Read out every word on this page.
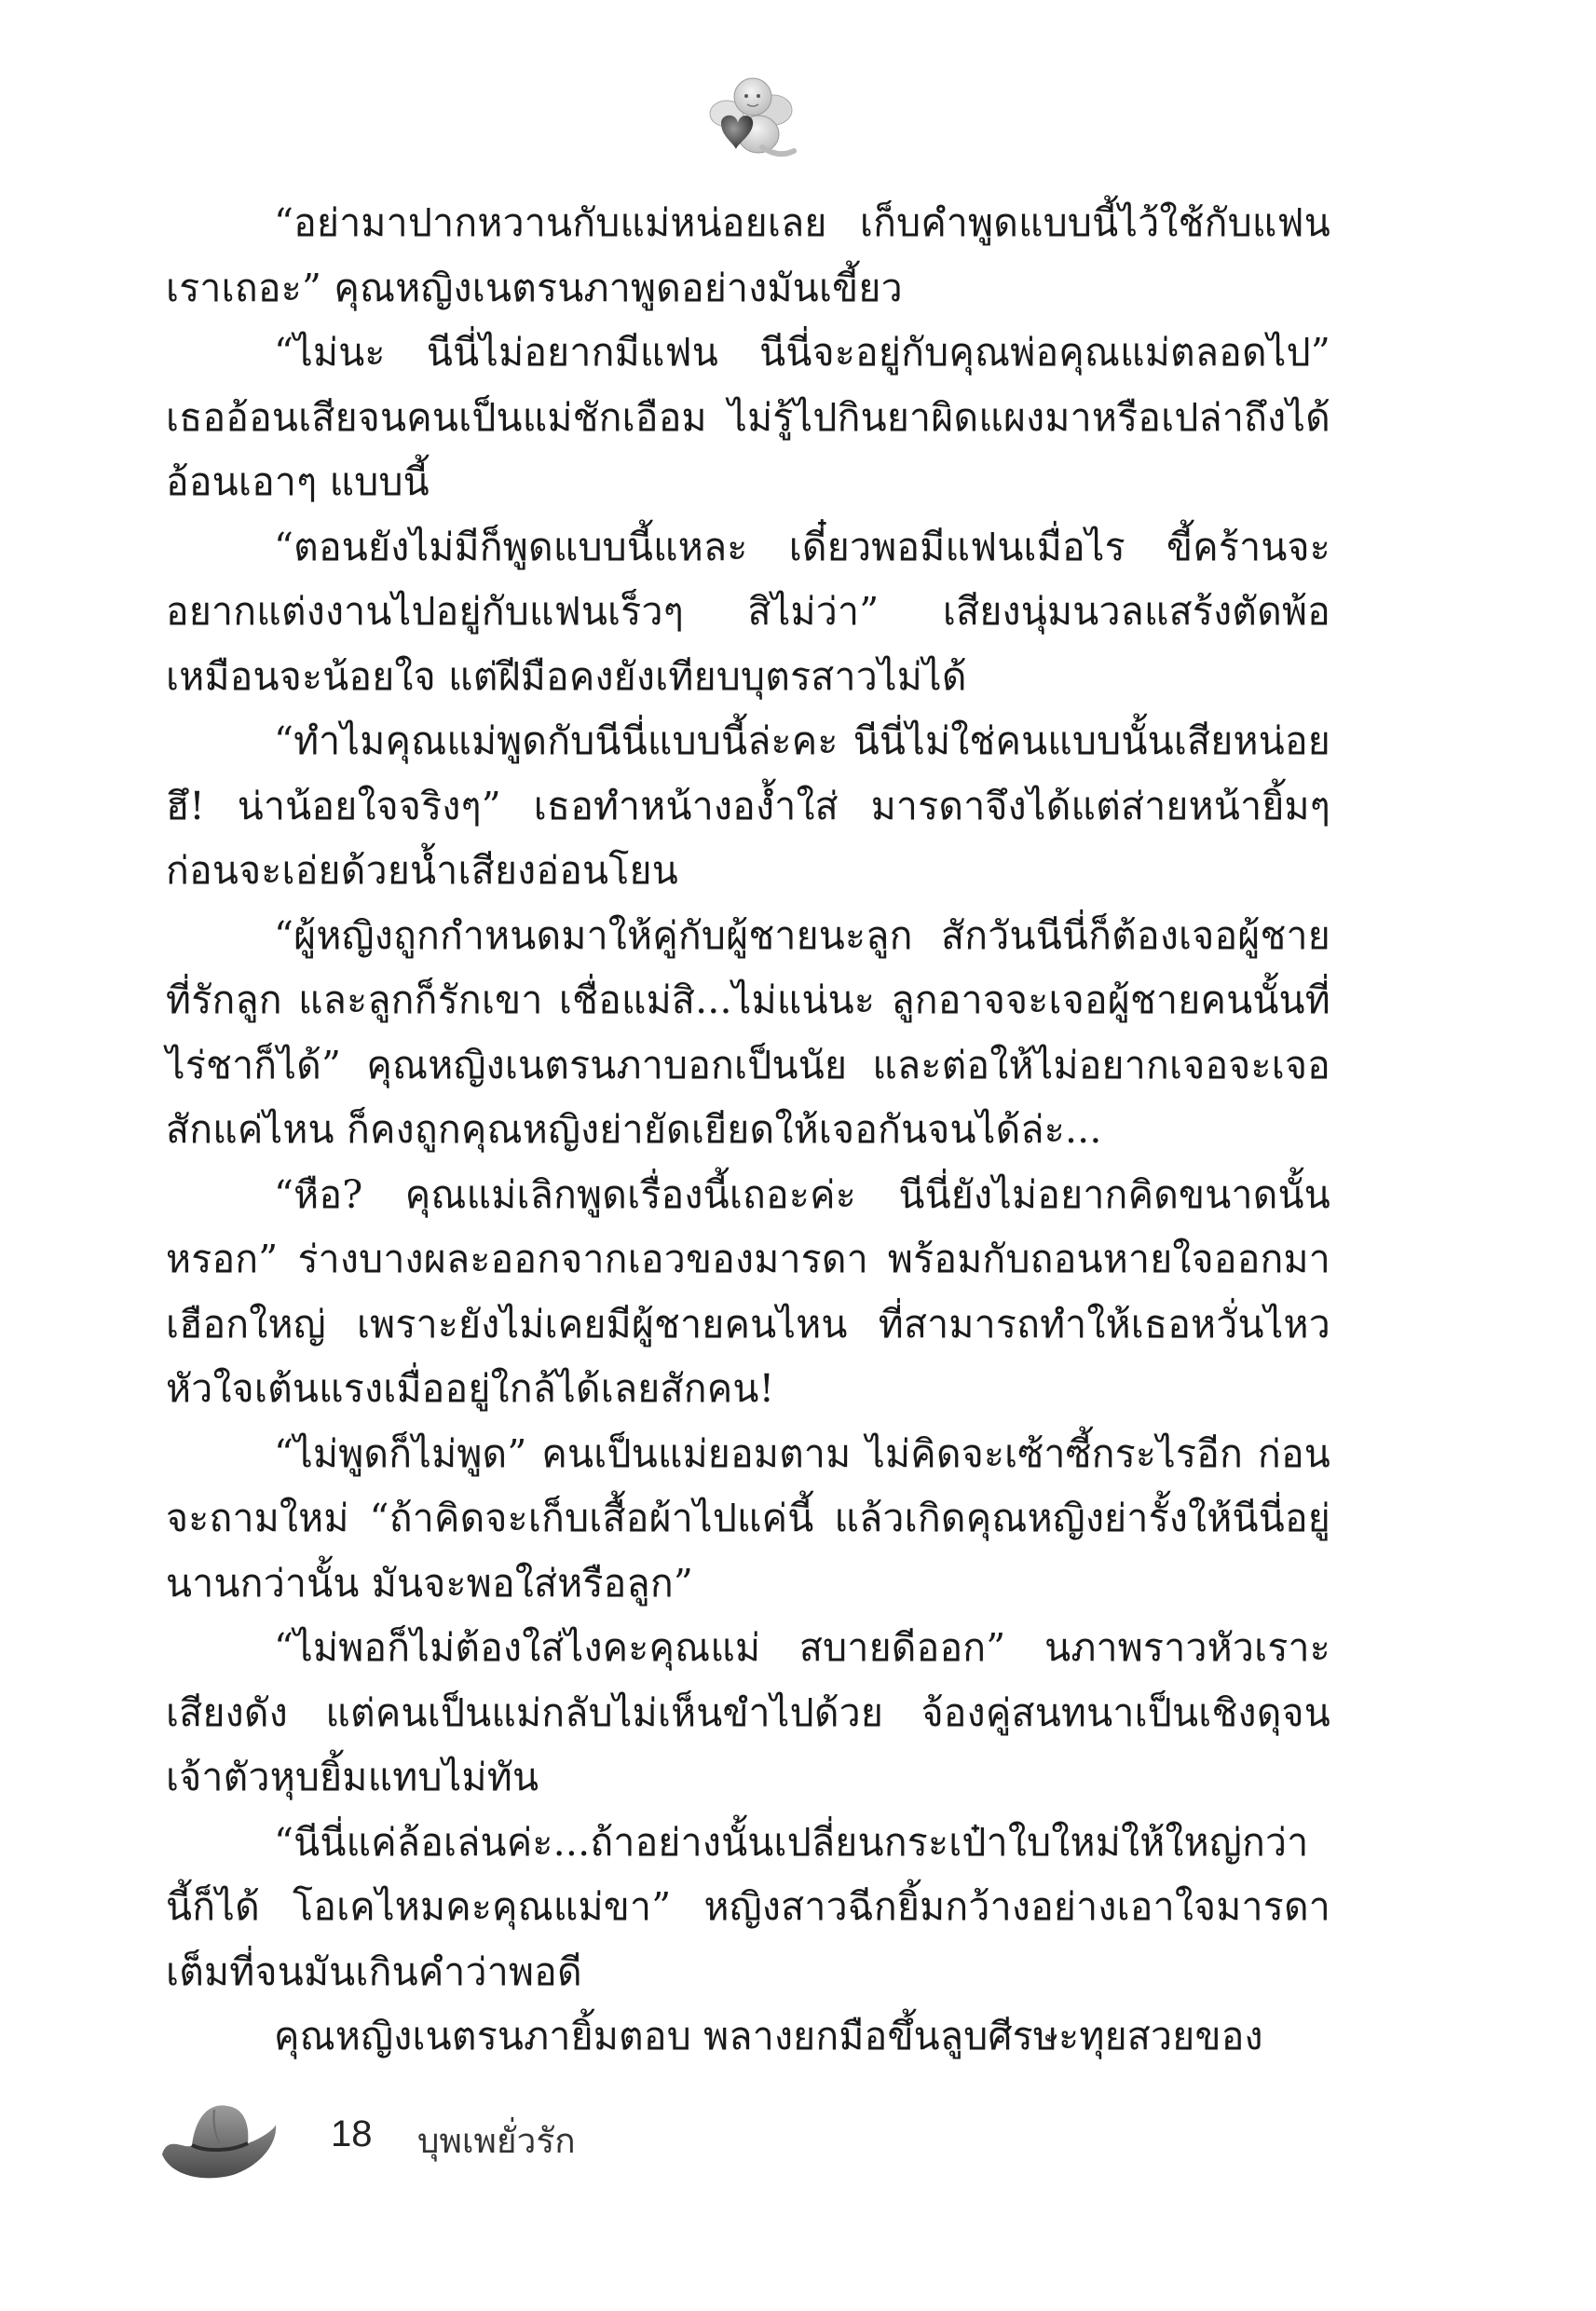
“อย่ามาปากหวานกับแม่หน่อยเลย เก็บคำพูดแบบนี้ไว้ใช้กับแฟนเราเถอะ” คุณหญิงเนตรนภาพูดอย่างมันเขี้ยว

“ไม่นะ นีนี่ไม่อยากมีแฟน นีนี่จะอยู่กับคุณพ่อคุณแม่ตลอดไป” เธออ้อนเสียจนคนเป็นแม่ชักเอือม ไม่รู้ไปกินยาผิดแผงมาหรือเปล่าถึงได้อ้อนเอาๆ แบบนี้

“ตอนยังไม่มีก็พูดแบบนี้แหละ เดี๋ยวพอมีแฟนเมื่อไร ขี้คร้านจะอยากแต่งงานไปอยู่กับแฟนเร็วๆ สิไม่ว่า” เสียงนุ่มนวลแสร้งตัดพ้อเหมือนจะน้อยใจ แต่ฝีมือคงยังเทียบบุตรสาวไม่ได้

“ทำไมคุณแม่พูดกับนีนี่แบบนี้ล่ะคะ นีนี่ไม่ใช่คนแบบนั้นเสียหน่อย ฮึ! น่าน้อยใจจริงๆ” เธอทำหน้างองํ้าใส่ มารดาจึงได้แต่ส่ายหน้ายิ้มๆ ก่อนจะเอ่ยด้วยนํ้าเสียงอ่อนโยน

“ผู้หญิงถูกกำหนดมาให้คู่กับผู้ชายนะลูก สักวันนีนี่ก็ต้องเจอผู้ชายที่รักลูก และลูกก็รักเขา เชื่อแม่สิ...ไม่แน่นะ ลูกอาจจะเจอผู้ชายคนนั้นที่ไร่ชาก็ได้” คุณหญิงเนตรนภาบอกเป็นนัย และต่อให้ไม่อยากเจอจะเจอสักแค่ไหน ก็คงถูกคุณหญิงย่ายัดเยียดให้เจอกันจนได้ล่ะ...

“หือ? คุณแม่เลิกพูดเรื่องนี้เถอะค่ะ นีนี่ยังไม่อยากคิดขนาดนั้นหรอก” ร่างบางผละออกจากเอวของมารดา พร้อมกับถอนหายใจออกมาเฮือกใหญ่ เพราะยังไม่เคยมีผู้ชายคนไหน ที่สามารถทำให้เธอหวั่นไหวหัวใจเต้นแรงเมื่ออยู่ใกล้ได้เลยสักคน!

“ไม่พูดก็ไม่พูด” คนเป็นแม่ยอมตาม ไม่คิดจะเซ้าซี้กระไรอีก ก่อนจะถามใหม่ “ถ้าคิดจะเก็บเสื้อผ้าไปแค่นี้ แล้วเกิดคุณหญิงย่ารั้งให้นีนี่อยู่นานกว่านั้น มันจะพอใส่หรือลูก”

“ไม่พอก็ไม่ต้องใส่ไงคะคุณแม่ สบายดีออก” นภาพราวหัวเราะเสียงดัง แต่คนเป็นแม่กลับไม่เห็นขำไปด้วย จ้องคู่สนทนาเป็นเชิงดุจนเจ้าตัวหุบยิ้มแทบไม่ทัน

“นีนี่แค่ล้อเล่นค่ะ...ถ้าอย่างนั้นเปลี่ยนกระเป๋าใบใหม่ให้ใหญ่กว่านี้ก็ได้ โอเคไหมคะคุณแม่ขา” หญิงสาวฉีกยิ้มกว้างอย่างเอาใจมารดาเต็มที่จนมันเกินคำว่าพอดี

คุณหญิงเนตรนภายิ้มตอบ พลางยกมือขึ้นลูบศีรษะทุยสวยของ

18 บุพเพยั่วรัก
